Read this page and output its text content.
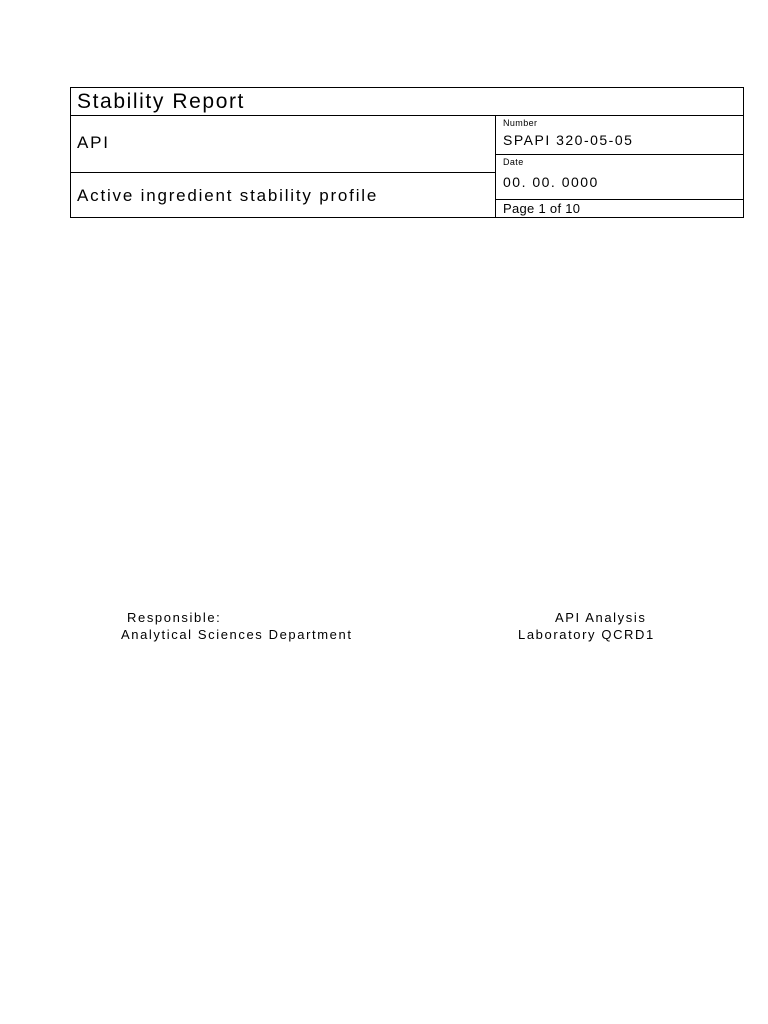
Stability Report
API
Active ingredient stability profile
Number
SPAPI 320-05-05
Date
00. 00. 0000
Page 1 of 10
Responsible:
Analytical Sciences Department
API Analysis
Laboratory QCRD1
